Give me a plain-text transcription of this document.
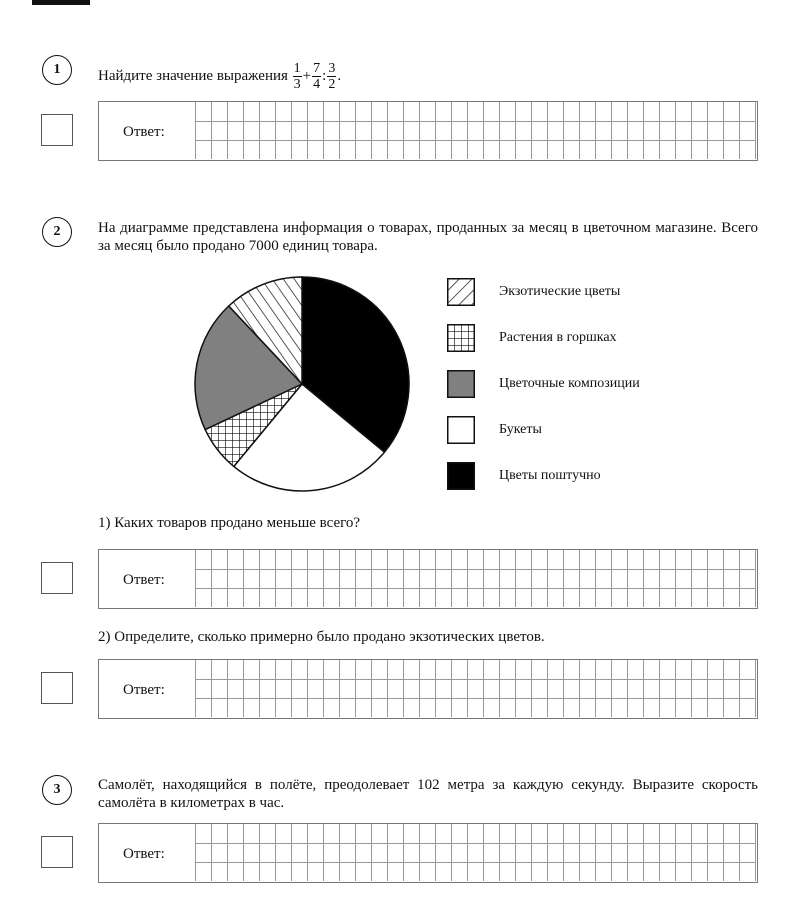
1	Найдите значение выражения $\frac{1}{3} + \frac{7}{4}$ : $\frac{3}{2}$ .
Ответ:
2	На диаграмме представлена информация о товарах, проданных за месяц в цветочном магазине. Всего за месяц было продано 7000 единиц товара.
Экзотические цветы
Растения в горшках
Цветочные композиции
Букеты
Цветы поштучно
1) Каких товаров продано меньше всего?
Ответ:
2) Определите, сколько примерно было продано экзотических цветов.
Ответ:
3	Самолёт, находящийся в полёте, преодолевает 102 метра за каждую секунду. Выразите скорость самолёта в километрах в час.
Ответ:
